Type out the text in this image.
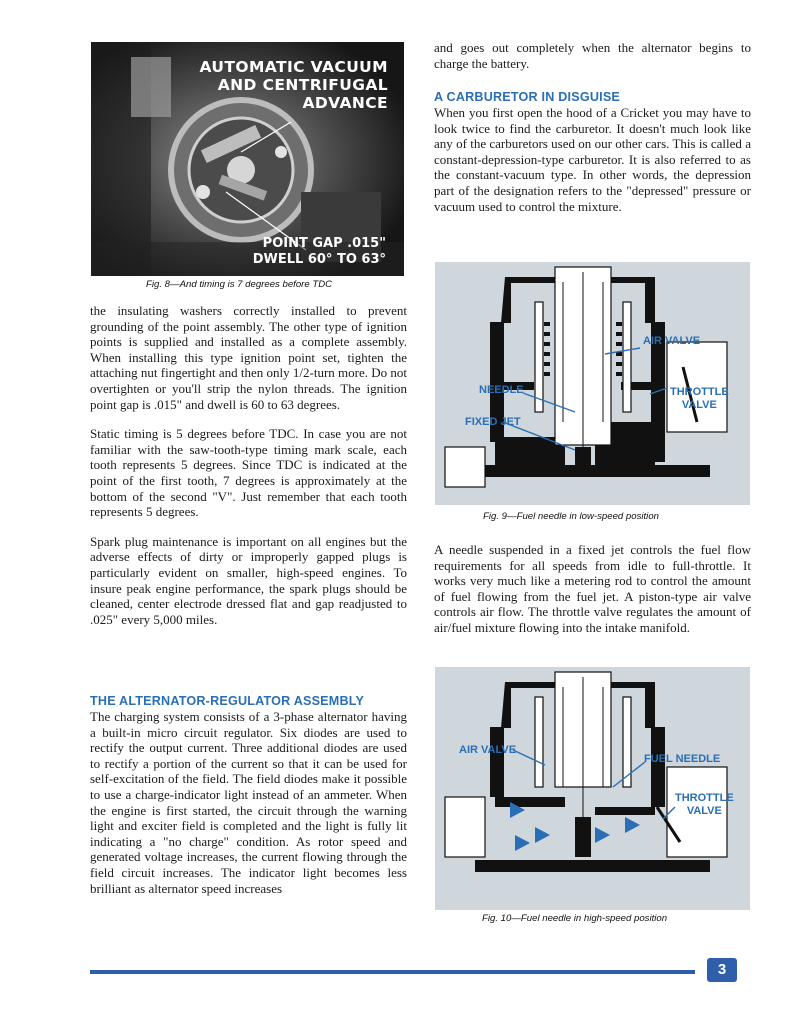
AUTOMATIC VACUUM
AND CENTRIFUGAL
ADVANCE
POINT GAP .015"
DWELL 60° TO 63°
Fig. 8—And timing is 7 degrees before TDC

the insulating washers correctly installed to prevent grounding of the point assembly. The other type of ignition points is supplied and installed as a complete assembly. When installing this type ignition point set, tighten the attaching nut fingertight and then only 1/2-turn more. Do not overtighten or you'll strip the nylon threads. The ignition point gap is .015" and dwell is 60 to 63 degrees.

Static timing is 5 degrees before TDC. In case you are not familiar with the saw-tooth-type timing mark scale, each tooth represents 5 degrees. Since TDC is indicated at the point of the first tooth, 7 degrees is approximately at the bottom of the second "V". Just remember that each tooth represents 5 degrees.

Spark plug maintenance is important on all engines but the adverse effects of dirty or improperly gapped plugs is particularly evident on smaller, high-speed engines. To insure peak engine performance, the spark plugs should be cleaned, center electrode dressed flat and gap readjusted to .025" every 5,000 miles.

THE ALTERNATOR-REGULATOR ASSEMBLY

The charging system consists of a 3-phase alternator having a built-in micro circuit regulator. Six diodes are used to rectify the output current. Three additional diodes are used to rectify a portion of the current so that it can be used for self-excitation of the field. The field diodes make it possible to use a charge-indicator light instead of an ammeter. When the engine is first started, the circuit through the warning light and exciter field is completed and the light is fully lit indicating a "no charge" condition. As rotor speed and generated voltage increases, the current flowing through the field circuit increases. The indicator light becomes less brilliant as alternator speed increases

and goes out completely when the alternator begins to charge the battery.

A CARBURETOR IN DISGUISE

When you first open the hood of a Cricket you may have to look twice to find the carburetor. It doesn't much look like any of the carburetors used on our other cars. This is called a constant-depression-type carburetor. It is also referred to as the constant-vacuum type. In other words, the depression part of the designation refers to the "depressed" pressure or vacuum used to control the mixture.

AIR VALVE
NEEDLE	THROTTLE
VALVE
FIXED JET
Fig. 9—Fuel needle in low-speed position

A needle suspended in a fixed jet controls the fuel flow requirements for all speeds from idle to full-throttle. It works very much like a metering rod to control the amount of fuel flowing from the fuel jet. A piston-type air valve controls air flow. The throttle valve regulates the amount of air/fuel mixture flowing into the intake manifold.

AIR VALVE
FUEL NEEDLE
THROTTLE
VALVE
Fig. 10—Fuel needle in high-speed position
3
